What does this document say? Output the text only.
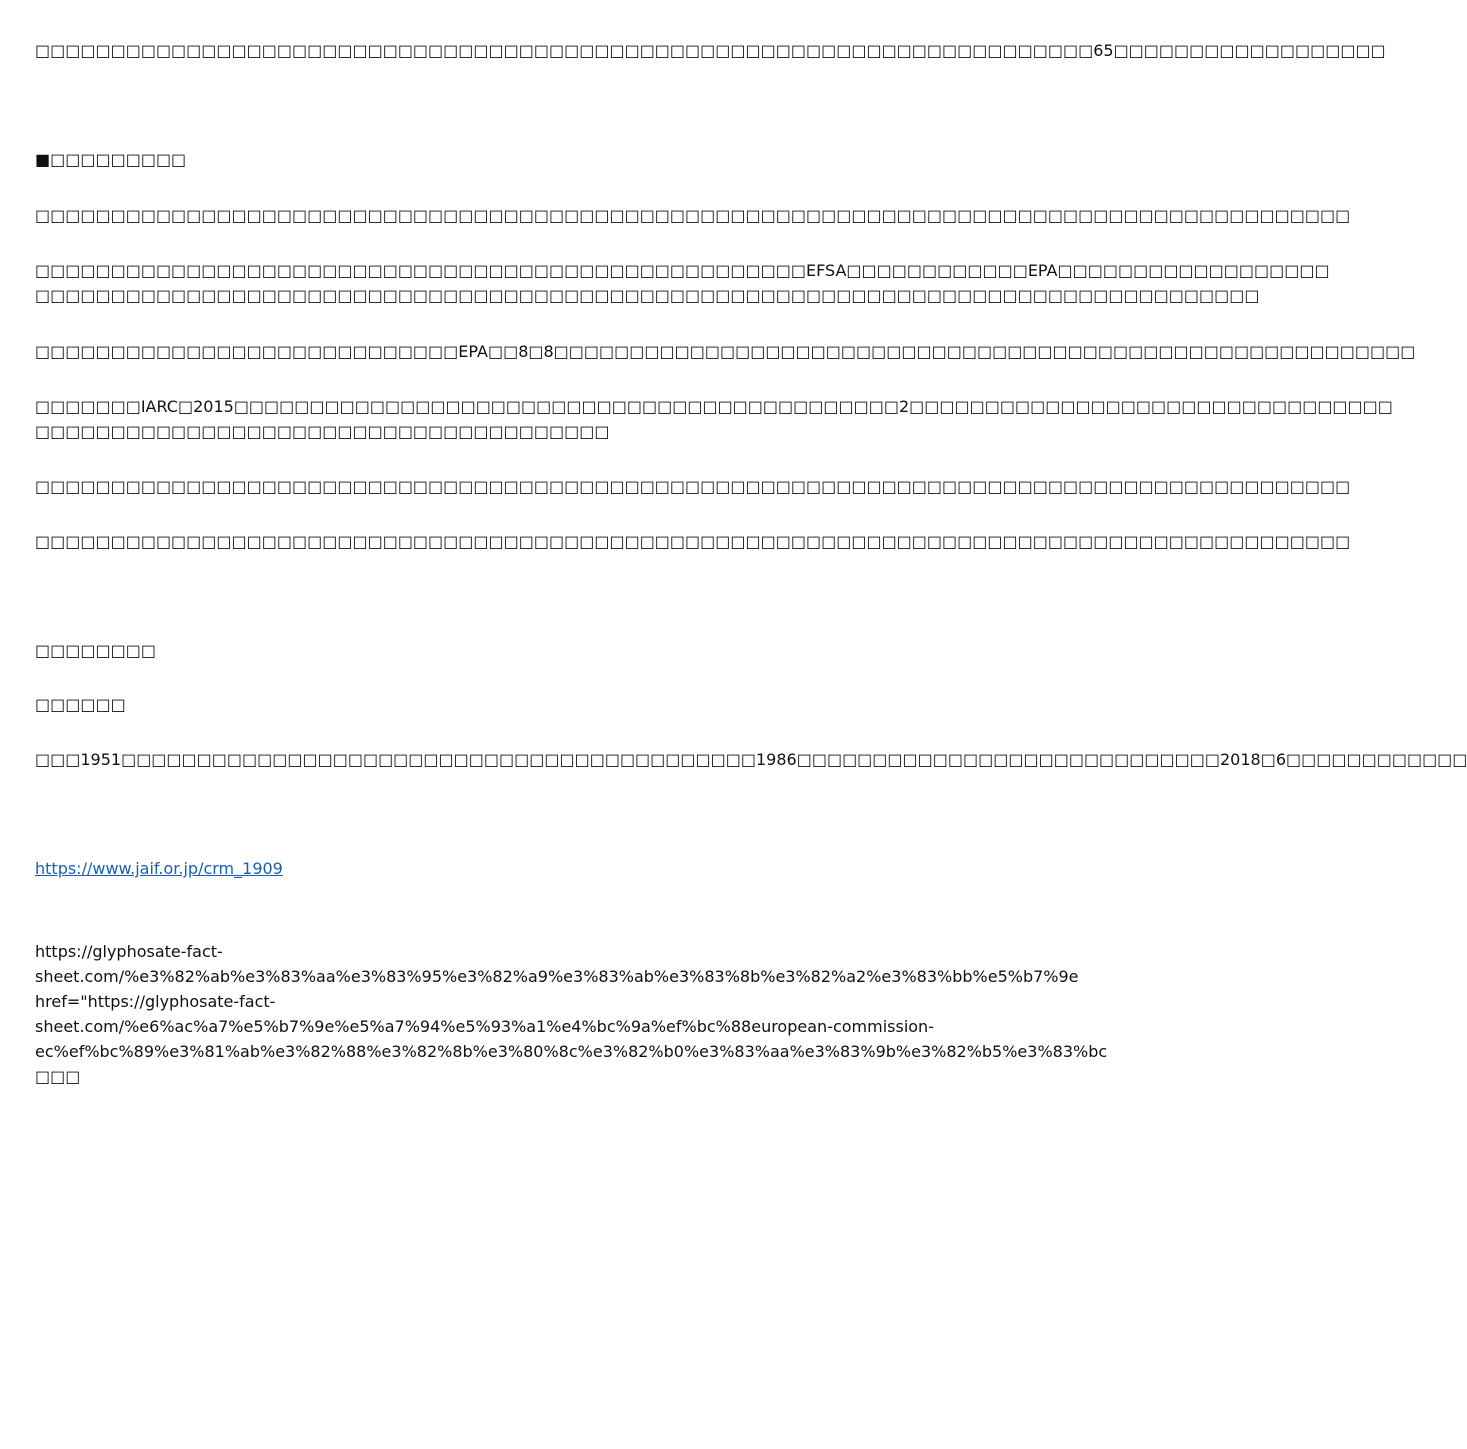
□□□□□□□□□□□□□□□□□□□□□□□□□□□□□□□□□□□□□□□□□□□□□□□□□□□□□□□□□□□□□□□□□□□□□□65□□□□□□□□□□□□□□□□□□
■□□□□□□□□□
□□□□□□□□□□□□□□□□□□□□□□□□□□□□□□□□□□□□□□□□□□□□□□□□□□□□□□□□□□□□□□□□□□□□□□□□□□□□□□□□□□□□□□□
□□□□□□□□□□□□□□□□□□□□□□□□□□□□□□□□□□□□□□□□□□□□□□□□□□□EFSA□□□□□□□□□□□□EPA□□□□□□□□□□□□□□□□□□
□□□□□□□□□□□□□□□□□□□□□□□□□□□□□□□□□□□□□□□□□□□□□□□□□□□□□□□□□□□□□□□□□□□□□□□□□□□□□□□□□
□□□□□□□□□□□□□□□□□□□□□□□□□□□□EPA□□8□8□□□□□□□□□□□□□□□□□□□□□□□□□□□□□□□□□□□□□□□□□□□□□□□□□□□□□□□□□
□□□□□□□IARC□2015□□□□□□□□□□□□□□□□□□□□□□□□□□□□□□□□□□□□□□□□□□□□2□□□□□□□□□□□□□□□□□□□□□□□□□□□□□□□□
□□□□□□□□□□□□□□□□□□□□□□□□□□□□□□□□□□□□□□
□□□□□□□□□□□□□□□□□□□□□□□□□□□□□□□□□□□□□□□□□□□□□□□□□□□□□□□□□□□□□□□□□□□□□□□□□□□□□□□□□□□□□□□
□□□□□□□□□□□□□□□□□□□□□□□□□□□□□□□□□□□□□□□□□□□□□□□□□□□□□□□□□□□□□□□□□□□□□□□□□□□□□□□□□□□□□□□
□□□□□□□□
□□□□□□
□□□1951□□□□□□□□□□□□□□□□□□□□□□□□□□□□□□□□□□□□□□□□□□1986□□□□□□□□□□□□□□□□□□□□□□□□□□□□2018□6□□□□□□□□□□□□
https://www.jaif.or.jp/crm_1909
https://glyphosate-fact-
sheet.com/%e3%82%ab%e3%83%aa%e3%83%95%e3%82%a9%e3%83%ab%e3%83%8b%e3%82%a2%e3%83%bb%e5%b7%9e
href="https://glyphosate-fact-
sheet.com/%e6%ac%a7%e5%b7%9e%e5%a7%94%e5%93%a1%e4%bc%9a%ef%bc%88european-commission-
ec%ef%bc%89%e3%81%ab%e3%82%88%e3%82%8b%e3%80%8c%e3%82%b0%e3%83%aa%e3%83%9b%e3%82%b5%e3%83%bc
□□□
